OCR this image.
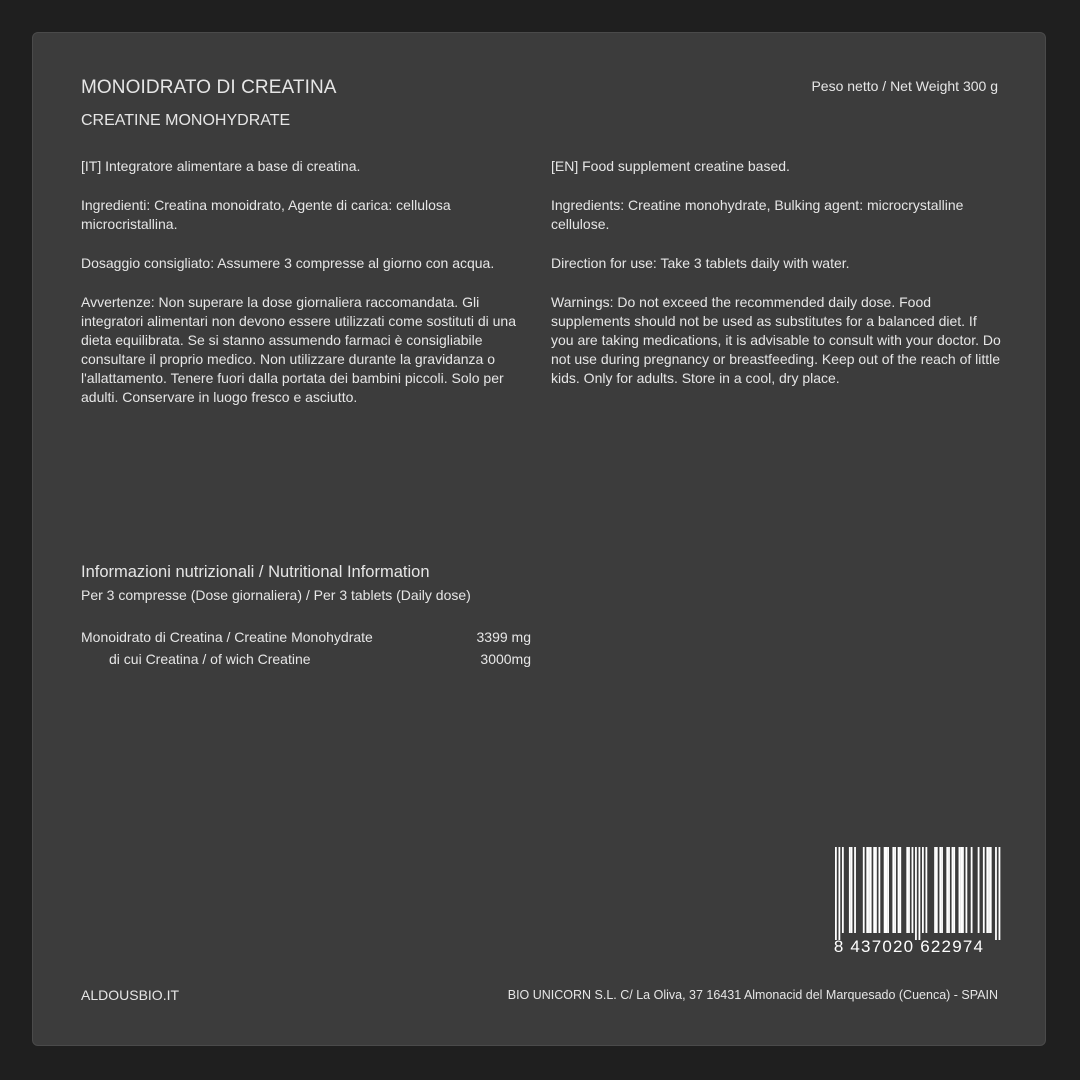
MONOIDRATO DI CREATINA
CREATINE MONOHYDRATE
Peso netto / Net Weight 300 g

[IT] Integratore alimentare a base di creatina.

Ingredienti: Creatina monoidrato, Agente di carica: cellulosa microcristallina.

Dosaggio consigliato: Assumere 3 compresse al giorno con acqua.

Avvertenze: Non superare la dose giornaliera raccomandata. Gli integratori alimentari non devono essere utilizzati come sostituti di una dieta equilibrata. Se si stanno assumendo farmaci è consigliabile consultare il proprio medico. Non utilizzare durante la gravidanza o l'allattamento. Tenere fuori dalla portata dei bambini piccoli. Solo per adulti. Conservare in luogo fresco e asciutto.

[EN] Food supplement creatine based.

Ingredients: Creatine monohydrate, Bulking agent: microcrystalline cellulose.

Direction for use: Take 3 tablets daily with water.

Warnings: Do not exceed the recommended daily dose. Food supplements should not be used as substitutes for a balanced diet. If you are taking medications, it is advisable to consult with your doctor. Do not use during pregnancy or breastfeeding. Keep out of the reach of little kids. Only for adults. Store in a cool, dry place.

Informazioni nutrizionali / Nutritional Information
Per 3 compresse (Dose giornaliera) / Per 3 tablets (Daily dose)
Monoidrato di Creatina / Creatine Monohydrate	3399 mg
di cui Creatina / of wich Creatine	3000mg
8 437020 622974
ALDOUSBIO.IT	BIO UNICORN S.L. C/ La Oliva, 37 16431 Almonacid del Marquesado (Cuenca) - SPAIN
